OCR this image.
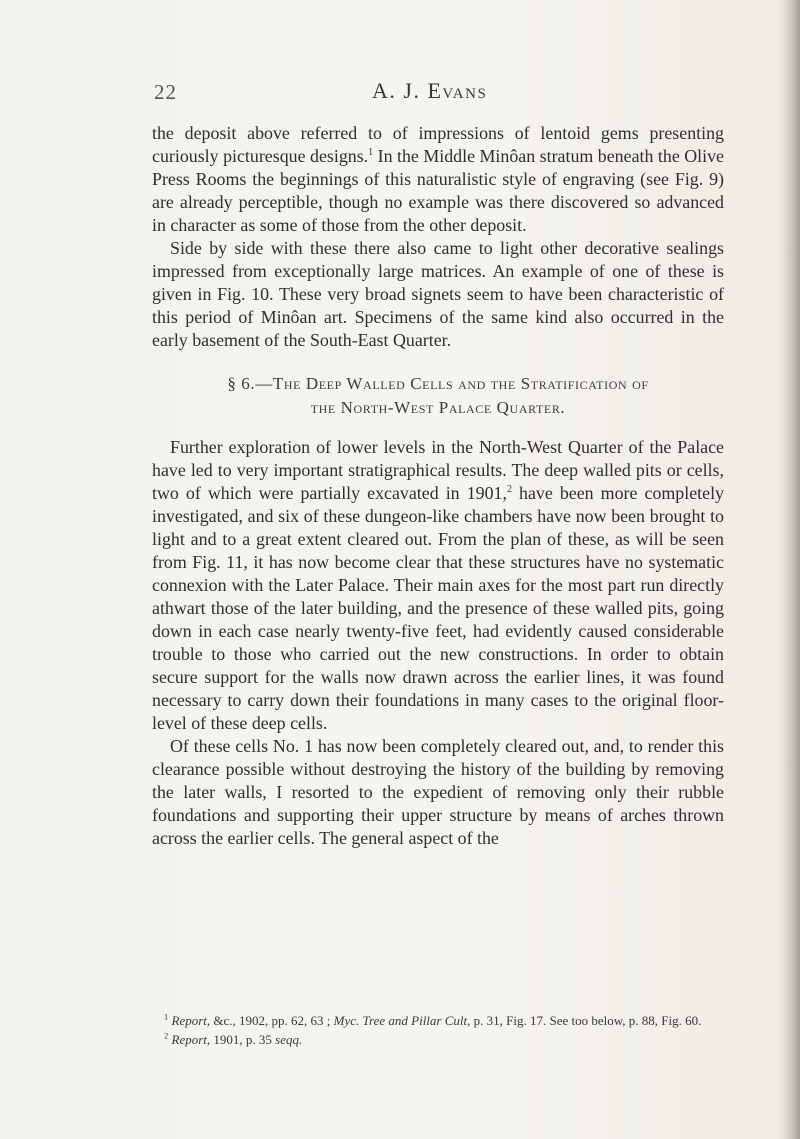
22	A. J. Evans

the deposit above referred to of impressions of lentoid gems presenting curiously picturesque designs.$^1$ In the Middle Minôan stratum beneath the Olive Press Rooms the beginnings of this naturalistic style of engraving (see Fig. 9) are already perceptible, though no example was there discovered so advanced in character as some of those from the other deposit.

Side by side with these there also came to light other decorative sealings impressed from exceptionally large matrices. An example of one of these is given in Fig. 10. These very broad signets seem to have been characteristic of this period of Minôan art. Specimens of the same kind also occurred in the early basement of the South-East Quarter.

§ 6.—The Deep Walled Cells and the Stratification of
the North-West Palace Quarter.

Further exploration of lower levels in the North-West Quarter of the Palace have led to very important stratigraphical results. The deep walled pits or cells, two of which were partially excavated in 1901,$^2$ have been more completely investigated, and six of these dungeon-like chambers have now been brought to light and to a great extent cleared out. From the plan of these, as will be seen from Fig. 11, it has now become clear that these structures have no systematic connexion with the Later Palace. Their main axes for the most part run directly athwart those of the later building, and the presence of these walled pits, going down in each case nearly twenty-five feet, had evidently caused considerable trouble to those who carried out the new constructions. In order to obtain secure support for the walls now drawn across the earlier lines, it was found necessary to carry down their foundations in many cases to the original floor-level of these deep cells.

Of these cells No. 1 has now been completely cleared out, and, to render this clearance possible without destroying the history of the building by removing the later walls, I resorted to the expedient of removing only their rubble foundations and supporting their upper structure by means of arches thrown across the earlier cells. The general aspect of the

$^1$ Report, &c., 1902, pp. 62, 63 ; Myc. Tree and Pillar Cult, p. 31, Fig. 17. See too below, p. 88, Fig. 60.

$^2$ Report, 1901, p. 35 seqq.
